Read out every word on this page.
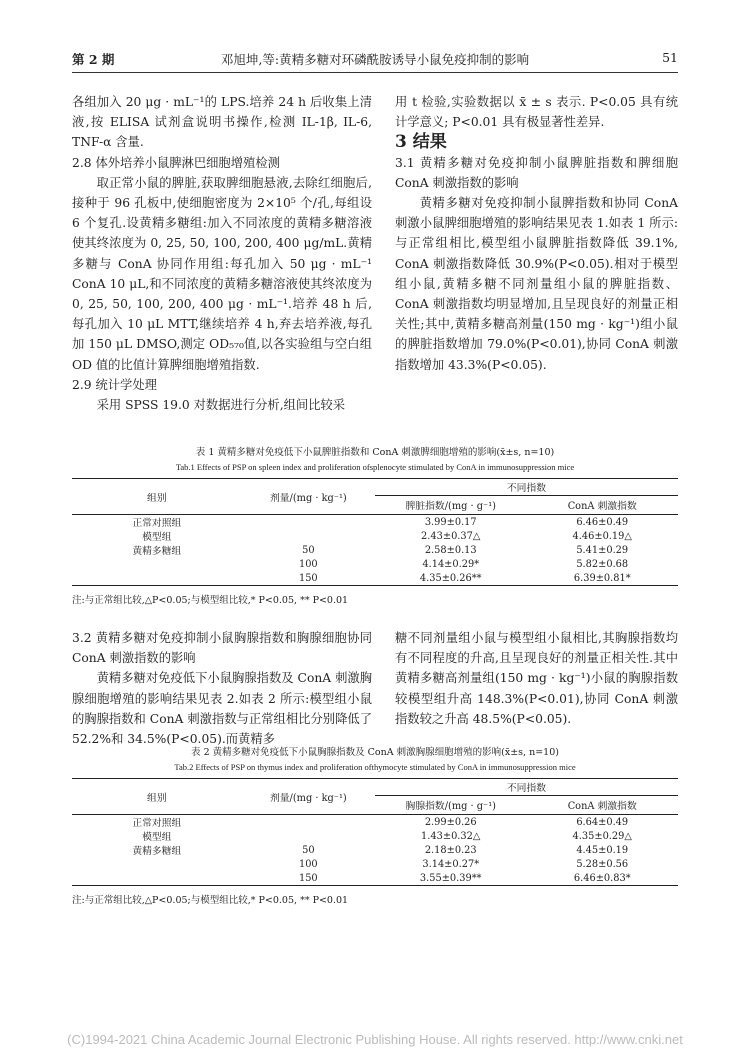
第 2 期	邓旭坤,等:黄精多糖对环磷酰胺诱导小鼠免疫抑制的影响	51

各组加入 20 μg · mL⁻¹的 LPS.培养 24 h 后收集上清液,按 ELISA 试剂盒说明书操作,检测 IL-1β, IL-6, TNF-α 含量.

2.8 体外培养小鼠脾淋巴细胞增殖检测

取正常小鼠的脾脏,获取脾细胞悬液,去除红细胞后,接种于 96 孔板中,使细胞密度为 2×10⁵ 个/孔,每组设 6 个复孔.设黄精多糖组:加入不同浓度的黄精多糖溶液使其终浓度为 0, 25, 50, 100, 200, 400 μg/mL.黄精多糖与 ConA 协同作用组:每孔加入 50 μg · mL⁻¹ ConA 10 μL,和不同浓度的黄精多糖溶液使其终浓度为 0, 25, 50, 100, 200, 400 μg · mL⁻¹.培养 48 h 后,每孔加入 10 μL MTT,继续培养 4 h,弃去培养液,每孔加 150 μL DMSO,测定 OD₅₇₀值,以各实验组与空白组 OD 值的比值计算脾细胞增殖指数.

2.9 统计学处理

采用 SPSS 19.0 对数据进行分析,组间比较采

用 t 检验,实验数据以 x̄ ± s 表示. P<0.05 具有统计学意义; P<0.01 具有极显著性差异.

3 结果

3.1 黄精多糖对免疫抑制小鼠脾脏指数和脾细胞 ConA 刺激指数的影响

黄精多糖对免疫抑制小鼠脾指数和协同 ConA 刺激小鼠脾细胞增殖的影响结果见表 1.如表 1 所示:与正常组相比,模型组小鼠脾脏指数降低 39.1%, ConA 刺激指数降低 30.9%(P<0.05).相对于模型组小鼠,黄精多糖不同剂量组小鼠的脾脏指数、ConA 刺激指数均明显增加,且呈现良好的剂量正相关性;其中,黄精多糖高剂量(150 mg · kg⁻¹)组小鼠的脾脏指数增加 79.0%(P<0.01),协同 ConA 刺激指数增加 43.3%(P<0.05).

表 1 黄精多糖对免疫低下小鼠脾脏指数和 ConA 刺激脾细胞增殖的影响(x̄±s, n=10)
Tab.1 Effects of PSP on spleen index and proliferation ofsplenocyte stimulated by ConA in immunosuppression mice
组别	剂量/(mg · kg⁻¹)	不同指数	
		脾脏指数/(mg · g⁻¹)	ConA 刺激指数
正常对照组		3.99±0.17	6.46±0.49
模型组		2.43±0.37△	4.46±0.19△
黄精多糖组	50	2.58±0.13	5.41±0.29
	100	4.14±0.29*	5.82±0.68
	150	4.35±0.26**	6.39±0.81*
注:与正常组比较,△P<0.05;与模型组比较,* P<0.05, ** P<0.01

3.2 黄精多糖对免疫抑制小鼠胸腺指数和胸腺细胞协同 ConA 刺激指数的影响

黄精多糖对免疫低下小鼠胸腺指数及 ConA 刺激胸腺细胞增殖的影响结果见表 2.如表 2 所示:模型组小鼠的胸腺指数和 ConA 刺激指数与正常组相比分别降低了 52.2%和 34.5%(P<0.05).而黄精多

糖不同剂量组小鼠与模型组小鼠相比,其胸腺指数均有不同程度的升高,且呈现良好的剂量正相关性.其中黄精多糖高剂量组(150 mg · kg⁻¹)小鼠的胸腺指数较模型组升高 148.3%(P<0.01),协同 ConA 刺激指数较之升高 48.5%(P<0.05).

表 2 黄精多糖对免疫低下小鼠胸腺指数及 ConA 刺激胸腺细胞增殖的影响(x̄±s, n=10)
Tab.2 Effects of PSP on thymus index and proliferation ofthymocyte stimulated by ConA in immunosuppression mice
组别	剂量/(mg · kg⁻¹)	不同指数	
		胸腺指数/(mg · g⁻¹)	ConA 刺激指数
正常对照组		2.99±0.26	6.64±0.49
模型组		1.43±0.32△	4.35±0.29△
黄精多糖组	50	2.18±0.23	4.45±0.19
	100	3.14±0.27*	5.28±0.56
	150	3.55±0.39**	6.46±0.83*
注:与正常组比较,△P<0.05;与模型组比较,* P<0.05, ** P<0.01
(C)1994-2021 China Academic Journal Electronic Publishing House. All rights reserved. http://www.cnki.net
